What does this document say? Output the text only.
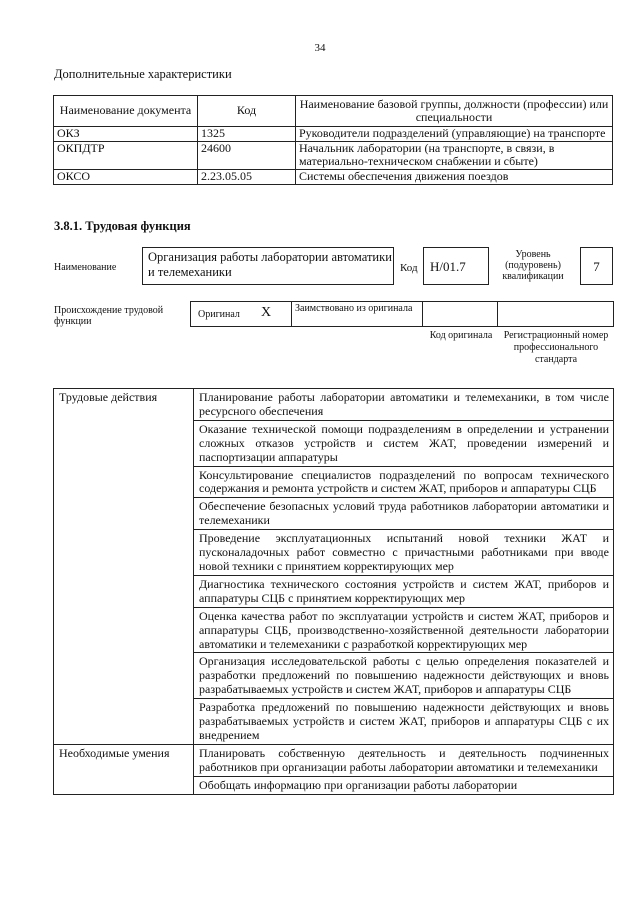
34
Дополнительные характеристики
Наименование документа	Код	Наименование базовой группы, должности (профессии) или специальности
ОКЗ	1325	Руководители подразделений (управляющие) на транспорте
ОКПДТР	24600	Начальник лаборатории (на транспорте, в связи, в материально-техническом снабжении и сбыте)
ОКСО	2.23.05.05	Системы обеспечения движения поездов
3.8.1. Трудовая функция
Наименование
Организация работы лаборатории автоматики и телемеханики	Код Н/01.7
Уровень (подуровень) квалификации
7
Происхождение трудовой функции
Оригинал Х Заимствовано из оригинала
Код оригинала Регистрационный номер профессионального стандарта
Трудовые действия	Планирование работы лаборатории автоматики и телемеханики, в том числе ресурсного обеспечения
	Оказание технической помощи подразделениям в определении и устранении сложных отказов устройств и систем ЖАТ, проведении измерений и паспортизации аппаратуры
	Консультирование специалистов подразделений по вопросам технического содержания и ремонта устройств и систем ЖАТ, приборов и аппаратуры СЦБ
	Обеспечение безопасных условий труда работников лаборатории автоматики и телемеханики
	Проведение эксплуатационных испытаний новой техники ЖАТ и пусконаладочных работ совместно с причастными работниками при вводе новой техники с принятием корректирующих мер
	Диагностика технического состояния устройств и систем ЖАТ, приборов и аппаратуры СЦБ с принятием корректирующих мер
	Оценка качества работ по эксплуатации устройств и систем ЖАТ, приборов и аппаратуры СЦБ, производственно-хозяйственной деятельности лаборатории автоматики и телемеханики с разработкой корректирующих мер
	Организация исследовательской работы с целью определения показателей и разработки предложений по повышению надежности действующих и вновь разрабатываемых устройств и систем ЖАТ, приборов и аппаратуры СЦБ
	Разработка предложений по повышению надежности действующих и вновь разрабатываемых устройств и систем ЖАТ, приборов и аппаратуры СЦБ с их внедрением
Необходимые умения	Планировать собственную деятельность и деятельность подчиненных работников при организации работы лаборатории автоматики и телемеханики
	Обобщать информацию при организации работы лаборатории
